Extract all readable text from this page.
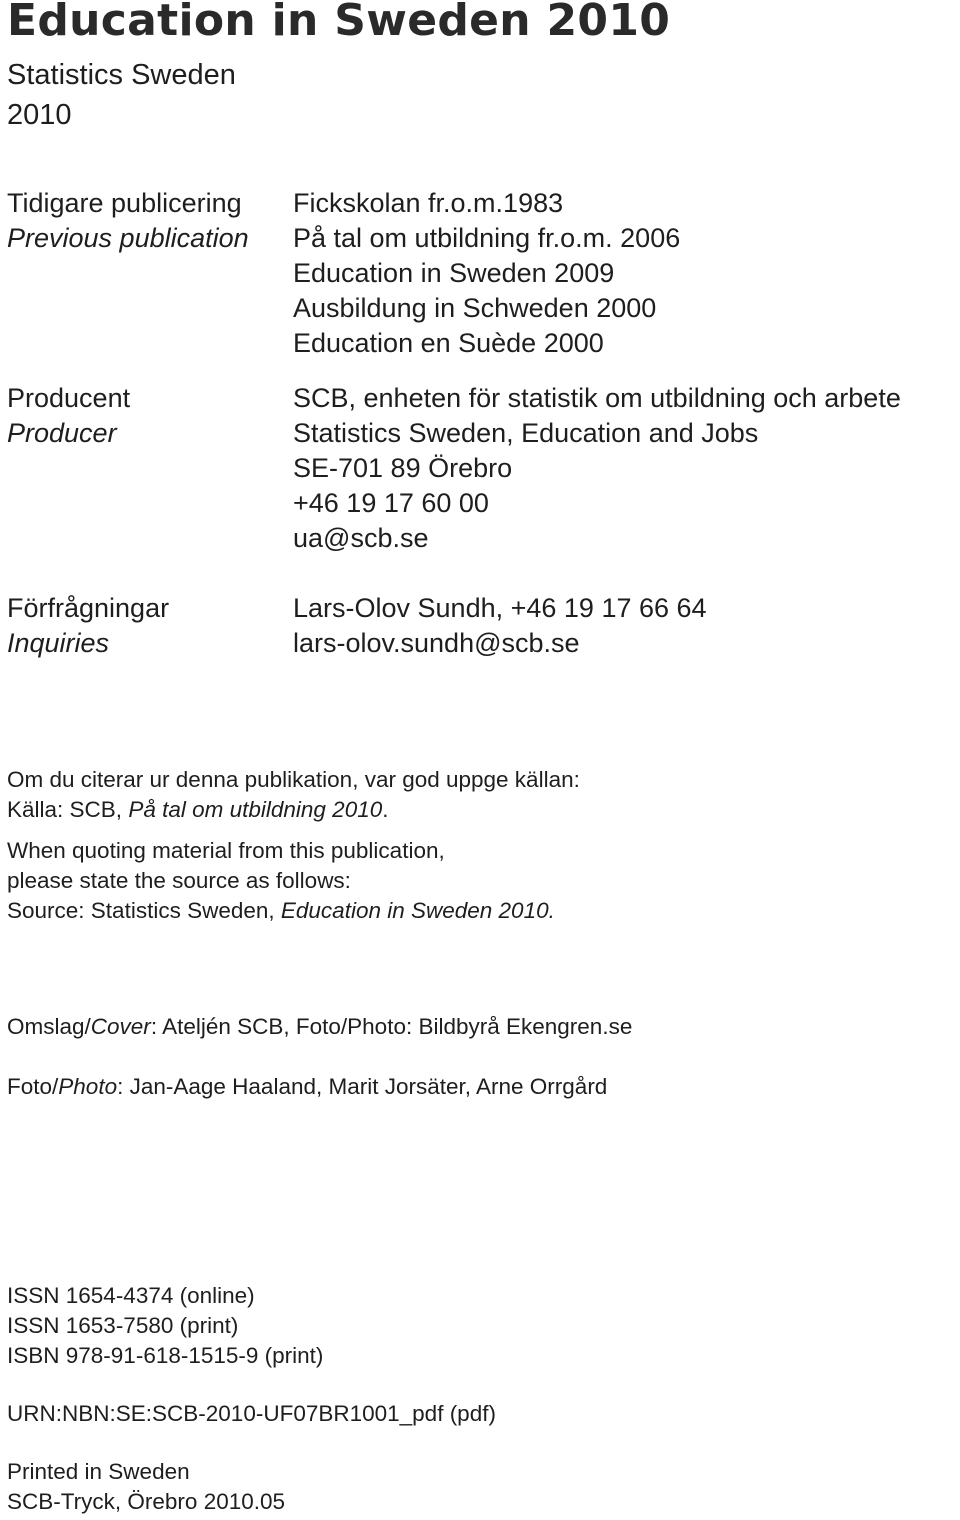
Education in Sweden 2010
Statistics Sweden
2010
Tidigare publicering
Previous publication
Fickskolan fr.o.m.1983
På tal om utbildning fr.o.m. 2006
Education in Sweden 2009
Ausbildung in Schweden 2000
Education en Suède 2000
Producent
Producer
SCB, enheten för statistik om utbildning och arbete
Statistics Sweden, Education and Jobs
SE-701 89 Örebro
+46 19 17 60 00
ua@scb.se
Förfrågningar
Inquiries
Lars-Olov Sundh, +46 19 17 66 64
lars-olov.sundh@scb.se
Om du citerar ur denna publikation, var god uppge källan:
Källa: SCB, På tal om utbildning 2010.
When quoting material from this publication,
please state the source as follows:
Source: Statistics Sweden, Education in Sweden 2010.
Omslag/Cover: Ateljén SCB, Foto/Photo: Bildbyrå Ekengren.se
Foto/Photo: Jan-Aage Haaland, Marit Jorsäter, Arne Orrgård
ISSN 1654-4374 (online)
ISSN 1653-7580 (print)
ISBN 978-91-618-1515-9 (print)
URN:NBN:SE:SCB-2010-UF07BR1001_pdf (pdf)
Printed in Sweden
SCB-Tryck, Örebro 2010.05
